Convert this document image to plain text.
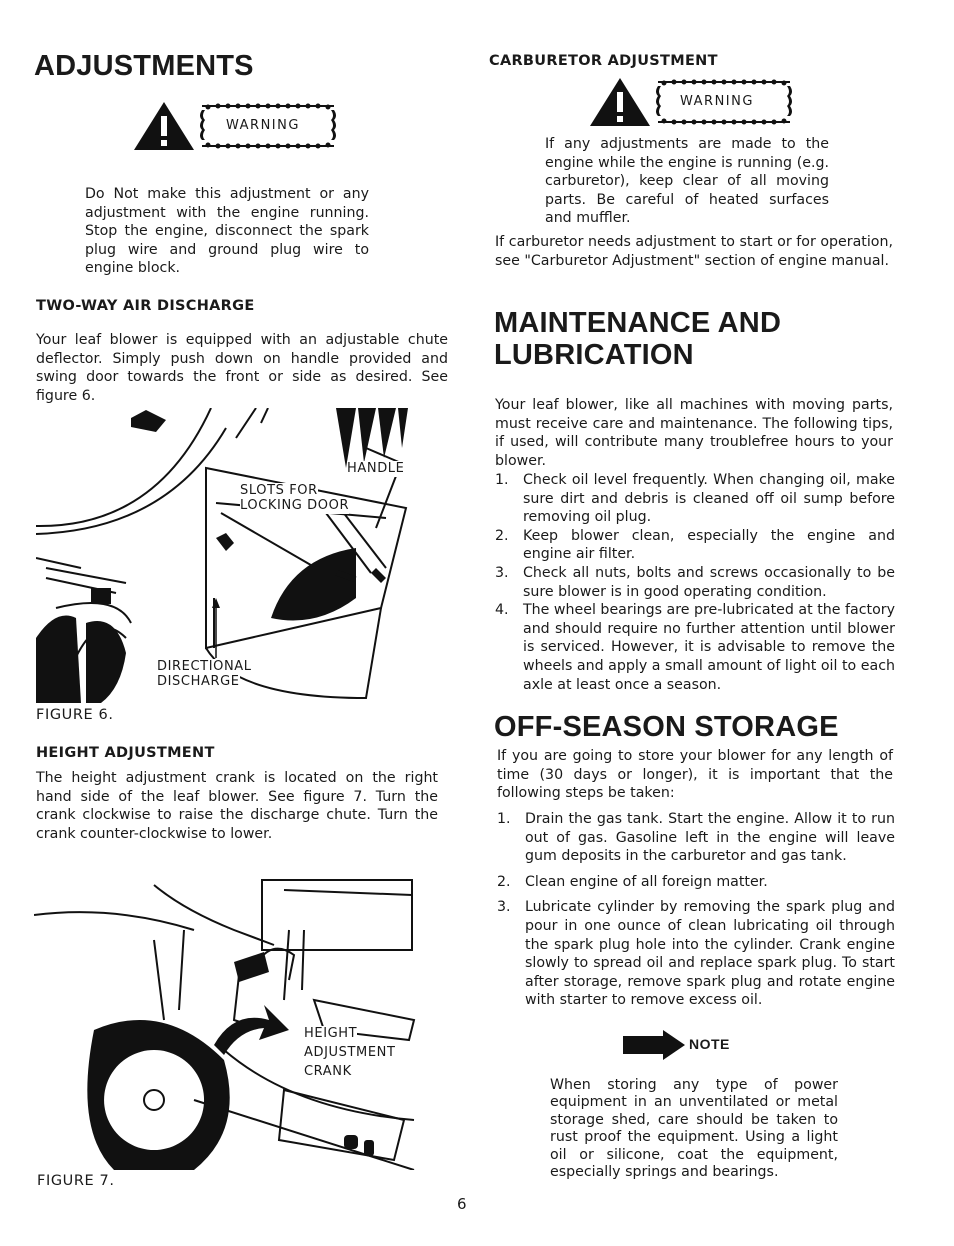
ADJUSTMENTS
WARNING

Do Not make this adjustment or any adjustment with the engine running. Stop the engine, disconnect the spark plug wire and ground plug wire to engine block.

TWO-WAY AIR DISCHARGE

Your leaf blower is equipped with an adjustable chute deflector. Simply push down on handle provided and swing door towards the front or side as desired. See figure 6.

HANDLE
SLOTS FOR
LOCKING DOOR
DIRECTIONAL
DISCHARGE
FIGURE 6.
HEIGHT ADJUSTMENT

The height adjustment crank is located on the right hand side of the leaf blower. See figure 7. Turn the crank clockwise to raise the discharge chute. Turn the crank counter-clockwise to lower.

HEIGHT
ADJUSTMENT
CRANK
FIGURE 7.
CARBURETOR ADJUSTMENT
WARNING

If any adjustments are made to the engine while the engine is running (e.g. carburetor), keep clear of all moving parts. Be careful of heated surfaces and muffler.

If carburetor needs adjustment to start or for operation, see "Carburetor Adjustment" section of engine manual.

MAINTENANCE AND
LUBRICATION

Your leaf blower, like all machines with moving parts, must receive care and maintenance. The following tips, if used, will contribute many troublefree hours to your blower.

1. Check oil level frequently. When changing oil, make sure dirt and debris is cleaned off oil sump before removing oil plug.
2. Keep blower clean, especially the engine and engine air filter.
3. Check all nuts, bolts and screws occasionally to be sure blower is in good operating condition.
4. The wheel bearings are pre-lubricated at the factory and should require no further attention until blower is serviced. However, it is advisable to remove the wheels and apply a small amount of light oil to each axle at least once a season.
OFF-SEASON STORAGE

If you are going to store your blower for any length of time (30 days or longer), it is important that the following steps be taken:

1. Drain the gas tank. Start the engine. Allow it to run out of gas. Gasoline left in the engine will leave gum deposits in the carburetor and gas tank.
2. Clean engine of all foreign matter.
3. Lubricate cylinder by removing the spark plug and pour in one ounce of clean lubricating oil through the spark plug hole into the cylinder. Crank engine slowly to spread oil and replace spark plug. To start after storage, remove spark plug and rotate engine with starter to remove excess oil.
NOTE

When storing any type of power equipment in an unventilated or metal storage shed, care should be taken to rust proof the equipment. Using a light oil or silicone, coat the equipment, especially springs and bearings.

6
